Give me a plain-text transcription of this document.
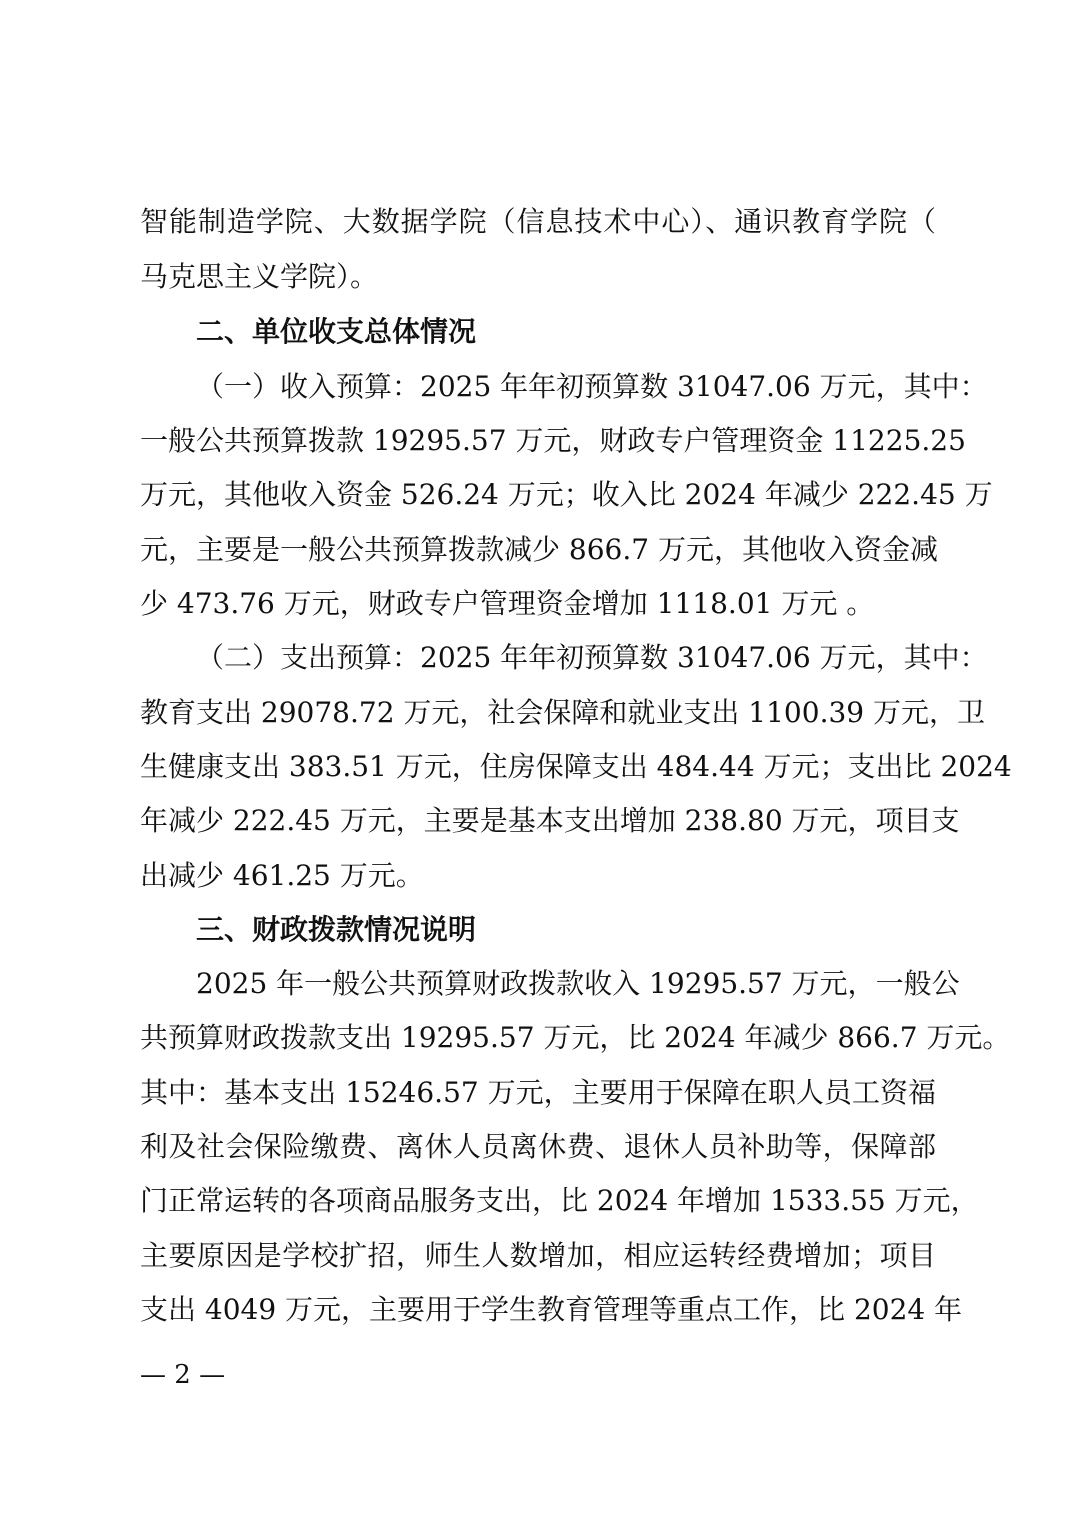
智能制造学院、大数据学院（信息技术中心）、通识教育学院（
马克思主义学院）。
二、单位收支总体情况
（一）收入预算：2025 年年初预算数 31047.06 万元，其中：
一般公共预算拨款 19295.57 万元，财政专户管理资金 11225.25
万元，其他收入资金 526.24 万元；收入比 2024 年减少 222.45 万
元，主要是一般公共预算拨款减少 866.7 万元，其他收入资金减
少 473.76 万元，财政专户管理资金增加 1118.01 万元 。
（二）支出预算：2025 年年初预算数 31047.06 万元，其中：
教育支出 29078.72 万元，社会保障和就业支出 1100.39 万元，卫
生健康支出 383.51 万元，住房保障支出 484.44 万元；支出比 2024
年减少 222.45 万元，主要是基本支出增加 238.80 万元，项目支
出减少 461.25 万元。
三、财政拨款情况说明
2025 年一般公共预算财政拨款收入 19295.57 万元，一般公
共预算财政拨款支出 19295.57 万元，比 2024 年减少 866.7 万元。
其中：基本支出 15246.57 万元，主要用于保障在职人员工资福
利及社会保险缴费、离休人员离休费、退休人员补助等，保障部
门正常运转的各项商品服务支出，比 2024 年增加 1533.55 万元，
主要原因是学校扩招，师生人数增加，相应运转经费增加；项目
支出 4049 万元，主要用于学生教育管理等重点工作，比 2024 年
— 2 —
